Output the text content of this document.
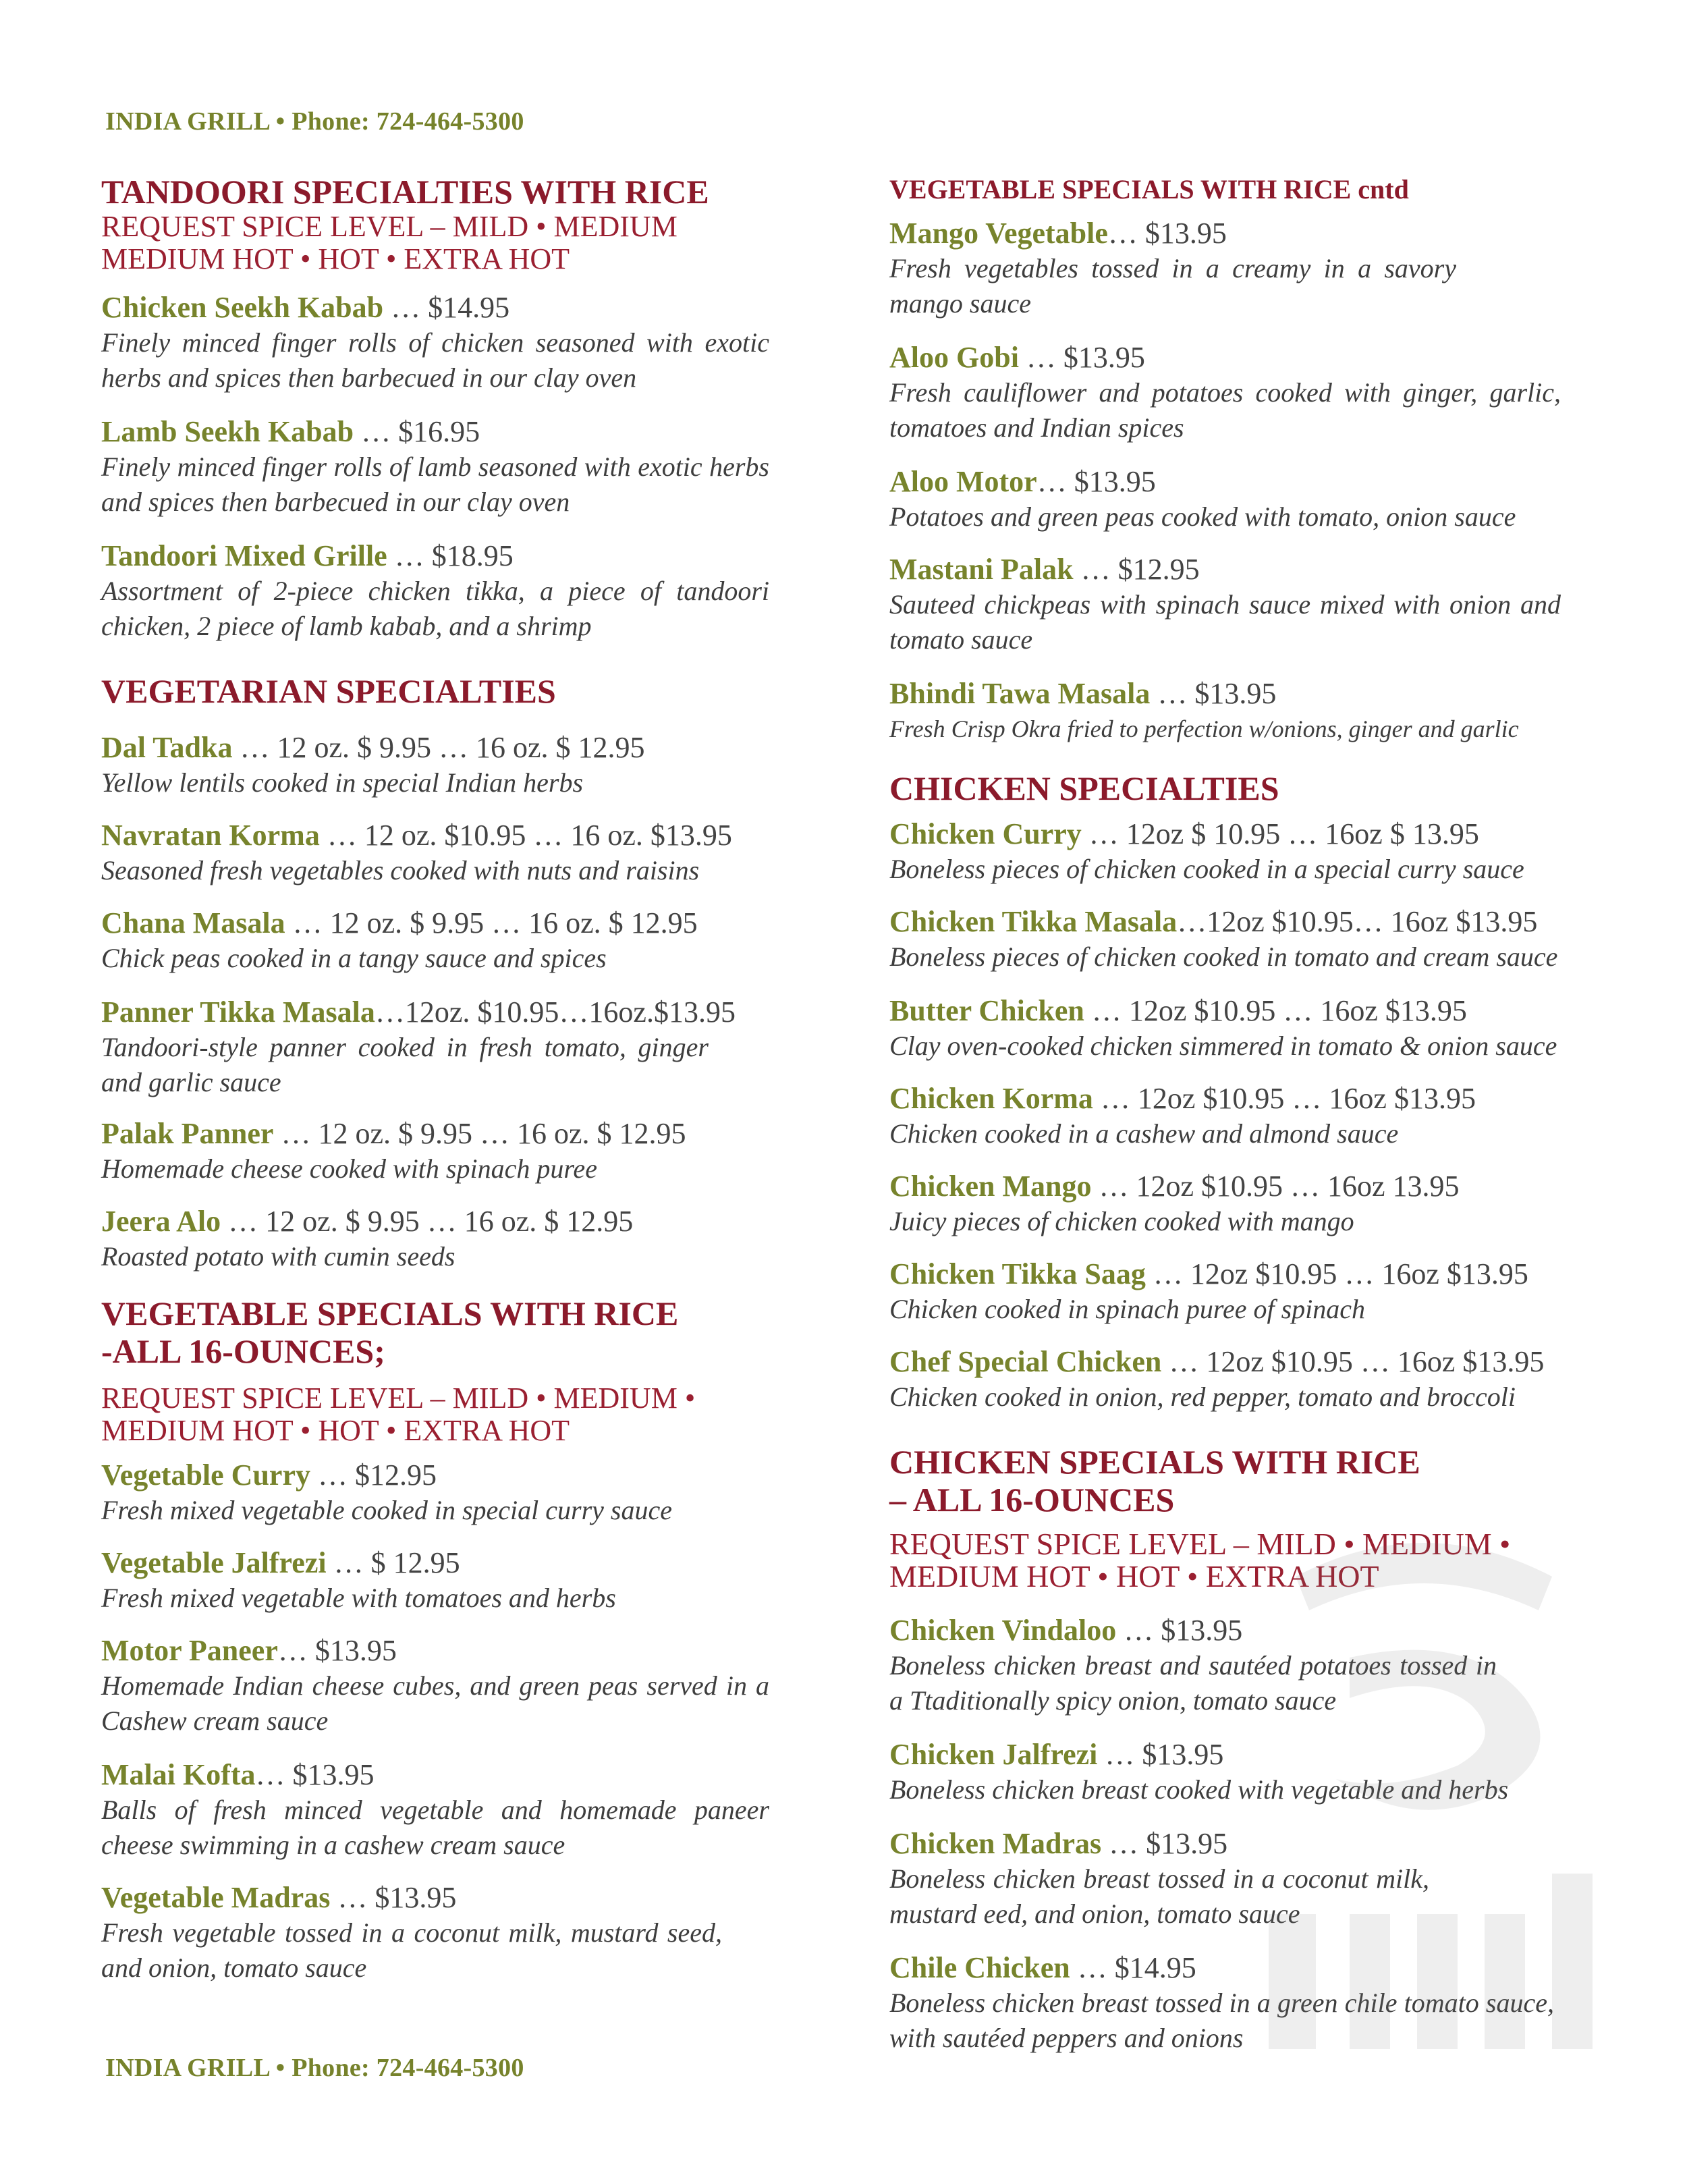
INDIA GRILL • Phone: 724-464-5300
TANDOORI SPECIALTIES WITH RICE
REQUEST SPICE LEVEL – MILD • MEDIUM
MEDIUM HOT • HOT • EXTRA HOT
Chicken Seekh Kabab … $14.95
Finely minced finger rolls of chicken seasoned with exotic herbs and spices then barbecued in our clay oven
Lamb Seekh Kabab … $16.95
Finely minced finger rolls of lamb seasoned with exotic herbs and spices then barbecued in our clay oven
Tandoori Mixed Grille … $18.95
Assortment of 2-piece chicken tikka, a piece of tandoori chicken, 2 piece of lamb kabab, and a shrimp
VEGETARIAN SPECIALTIES
Dal Tadka … 12 oz. $ 9.95 … 16 oz. $ 12.95
Yellow lentils cooked in special Indian herbs
Navratan Korma … 12 oz. $10.95 … 16 oz. $13.95
Seasoned fresh vegetables cooked with nuts and raisins
Chana Masala … 12 oz. $ 9.95 … 16 oz. $ 12.95
Chick peas cooked in a tangy sauce and spices
Panner Tikka Masala…12oz. $10.95…16oz.$13.95
Tandoori-style panner cooked in fresh tomato, ginger and garlic sauce
Palak Panner … 12 oz. $ 9.95 … 16 oz. $ 12.95
Homemade cheese cooked with spinach puree
Jeera Alo … 12 oz. $ 9.95 … 16 oz. $ 12.95
Roasted potato with cumin seeds
VEGETABLE SPECIALS WITH RICE
-ALL 16-OUNCES;
REQUEST SPICE LEVEL – MILD • MEDIUM •
MEDIUM HOT • HOT • EXTRA HOT
Vegetable Curry … $12.95
Fresh mixed vegetable cooked in special curry sauce
Vegetable Jalfrezi … $ 12.95
Fresh mixed vegetable with tomatoes and herbs
Motor Paneer… $13.95
Homemade Indian cheese cubes, and green peas served in a Cashew cream sauce
Malai Kofta… $13.95
Balls of fresh minced vegetable and homemade paneer cheese swimming in a cashew cream sauce
Vegetable Madras … $13.95
Fresh vegetable tossed in a coconut milk, mustard seed, and onion, tomato sauce
VEGETABLE SPECIALS WITH RICE cntd
Mango Vegetable… $13.95
Fresh vegetables tossed in a creamy in a savory mango sauce
Aloo Gobi … $13.95
Fresh cauliflower and potatoes cooked with ginger, garlic, tomatoes and Indian spices
Aloo Motor… $13.95
Potatoes and green peas cooked with tomato, onion sauce
Mastani Palak … $12.95
Sauteed chickpeas with spinach sauce mixed with onion and tomato sauce
Bhindi Tawa Masala … $13.95
Fresh Crisp Okra fried to perfection w/onions, ginger and garlic
CHICKEN SPECIALTIES
Chicken Curry … 12oz $ 10.95 … 16oz $ 13.95
Boneless pieces of chicken cooked in a special curry sauce
Chicken Tikka Masala…12oz $10.95… 16oz $13.95
Boneless pieces of chicken cooked in tomato and cream sauce
Butter Chicken … 12oz $10.95 … 16oz $13.95
Clay oven-cooked chicken simmered in tomato & onion sauce
Chicken Korma … 12oz $10.95 … 16oz $13.95
Chicken cooked in a cashew and almond sauce
Chicken Mango … 12oz $10.95 … 16oz 13.95
Juicy pieces of chicken cooked with mango
Chicken Tikka Saag … 12oz $10.95 … 16oz $13.95
Chicken cooked in spinach puree of spinach
Chef Special Chicken … 12oz $10.95 … 16oz $13.95
Chicken cooked in onion, red pepper, tomato and broccoli
CHICKEN SPECIALS WITH RICE
– ALL 16-OUNCES
REQUEST SPICE LEVEL – MILD • MEDIUM •
MEDIUM HOT • HOT • EXTRA HOT
Chicken Vindaloo … $13.95
Boneless chicken breast and sautéed potatoes tossed in a Ttaditionally spicy onion, tomato sauce
Chicken Jalfrezi … $13.95
Boneless chicken breast cooked with vegetable and herbs
Chicken Madras … $13.95
Boneless chicken breast tossed in a coconut milk, mustard eed, and onion, tomato sauce
Chile Chicken … $14.95
Boneless chicken breast tossed in a green chile tomato sauce, with sautéed peppers and onions
INDIA GRILL • Phone: 724-464-5300
